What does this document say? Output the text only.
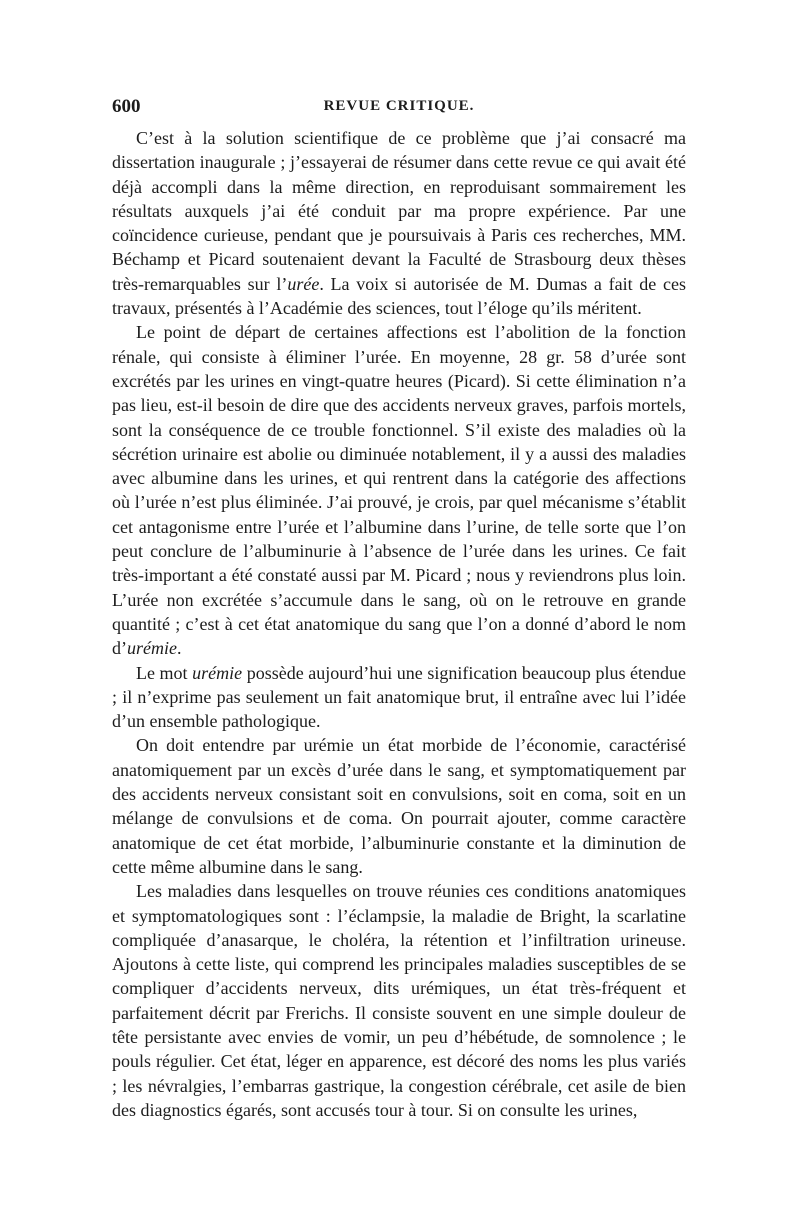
600	REVUE CRITIQUE.

C’est à la solution scientifique de ce problème que j’ai consacré ma dissertation inaugurale ; j’essayerai de résumer dans cette revue ce qui avait été déjà accompli dans la même direction, en reproduisant sommairement les résultats auxquels j’ai été conduit par ma propre expérience. Par une coïncidence curieuse, pendant que je poursuivais à Paris ces recherches, MM. Béchamp et Picard soutenaient devant la Faculté de Strasbourg deux thèses très-remarquables sur l’urée. La voix si autorisée de M. Dumas a fait de ces travaux, présentés à l’Académie des sciences, tout l’éloge qu’ils méritent.

Le point de départ de certaines affections est l’abolition de la fonction rénale, qui consiste à éliminer l’urée. En moyenne, 28 gr. 58 d’urée sont excrétés par les urines en vingt-quatre heures (Picard). Si cette élimination n’a pas lieu, est-il besoin de dire que des accidents nerveux graves, parfois mortels, sont la conséquence de ce trouble fonctionnel. S’il existe des maladies où la sécrétion urinaire est abolie ou diminuée notablement, il y a aussi des maladies avec albumine dans les urines, et qui rentrent dans la catégorie des affections où l’urée n’est plus éliminée. J’ai prouvé, je crois, par quel mécanisme s’établit cet antagonisme entre l’urée et l’albumine dans l’urine, de telle sorte que l’on peut conclure de l’albuminurie à l’absence de l’urée dans les urines. Ce fait très-important a été constaté aussi par M. Picard ; nous y reviendrons plus loin. L’urée non excrétée s’accumule dans le sang, où on le retrouve en grande quantité ; c’est à cet état anatomique du sang que l’on a donné d’abord le nom d’urémie.

Le mot urémie possède aujourd’hui une signification beaucoup plus étendue ; il n’exprime pas seulement un fait anatomique brut, il entraîne avec lui l’idée d’un ensemble pathologique.

On doit entendre par urémie un état morbide de l’économie, caractérisé anatomiquement par un excès d’urée dans le sang, et symptomatiquement par des accidents nerveux consistant soit en convulsions, soit en coma, soit en un mélange de convulsions et de coma. On pourrait ajouter, comme caractère anatomique de cet état morbide, l’albuminurie constante et la diminution de cette même albumine dans le sang.

Les maladies dans lesquelles on trouve réunies ces conditions anatomiques et symptomatologiques sont : l’éclampsie, la maladie de Bright, la scarlatine compliquée d’anasarque, le choléra, la rétention et l’infiltration urineuse. Ajoutons à cette liste, qui comprend les principales maladies susceptibles de se compliquer d’accidents nerveux, dits urémiques, un état très-fréquent et parfaitement décrit par Frerichs. Il consiste souvent en une simple douleur de tête persistante avec envies de vomir, un peu d’hébétude, de somnolence ; le pouls régulier. Cet état, léger en apparence, est décoré des noms les plus variés ; les névralgies, l’embarras gastrique, la congestion cérébrale, cet asile de bien des diagnostics égarés, sont accusés tour à tour. Si on consulte les urines,
